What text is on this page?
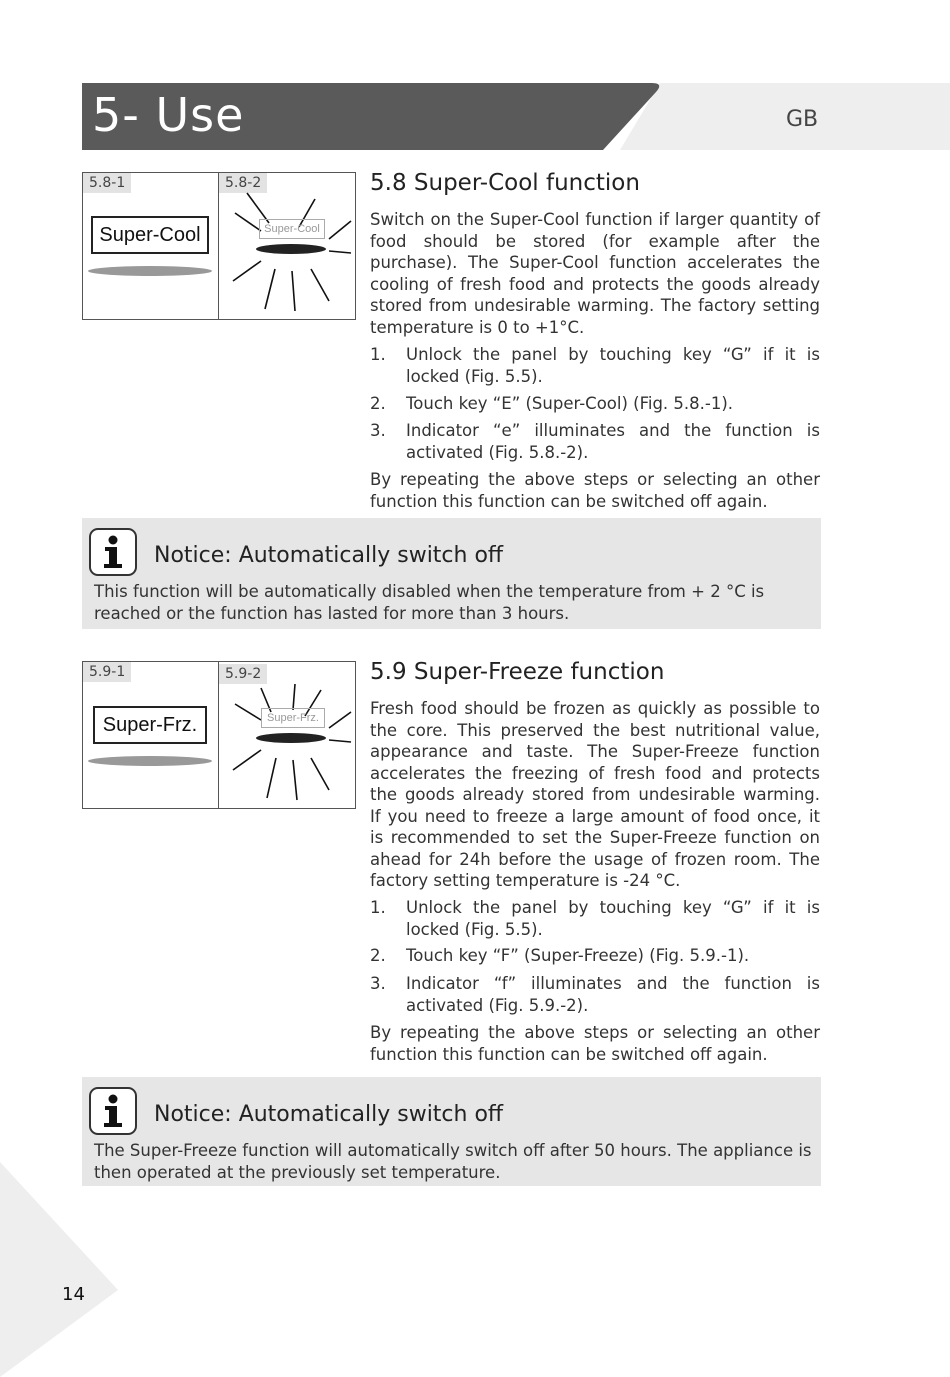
5- Use	GB
5.8-1	5.8-2
Super-Cool	Super-Cool
5.8 Super-Cool function
Switch on the Super-Cool function if larger quantity of food should be stored (for example after the purchase). The Super-Cool function accelerates the cooling of fresh food and protects the goods already stored from undesirable warming. The factory setting temperature is 0 to +1°C.
1. Unlock the panel by touching key “G” if it is locked (Fig. 5.5).
2. Touch key “E” (Super-Cool) (Fig. 5.8.-1).
3. Indicator “e” illuminates and the function is activated (Fig. 5.8.-2).
By repeating the above steps or selecting an other function this function can be switched off again.
Notice: Automatically switch off
This function will be automatically disabled when the temperature from + 2 °C is reached or the function has lasted for more than 3 hours.
5.9-1	5.9-2
Super-Frz.	Super-Frz.
5.9 Super-Freeze function
Fresh food should be frozen as quickly as possible to the core. This preserved the best nutritional value, appearance and taste. The Super-Freeze function accelerates the freezing of fresh food and protects the goods already stored from undesirable warming. If you need to freeze a large amount of food once, it is recommended to set the Super-Freeze function on ahead for 24h before the usage of frozen room. The factory setting temperature is -24 °C.
1. Unlock the panel by touching key “G” if it is locked (Fig. 5.5).
2. Touch key “F” (Super-Freeze) (Fig. 5.9.-1).
3. Indicator “f” illuminates and the function is activated (Fig. 5.9.-2).
By repeating the above steps or selecting an other function this function can be switched off again.
Notice: Automatically switch off
The Super-Freeze function will automatically switch off after 50 hours. The appliance is then operated at the previously set temperature.
14
